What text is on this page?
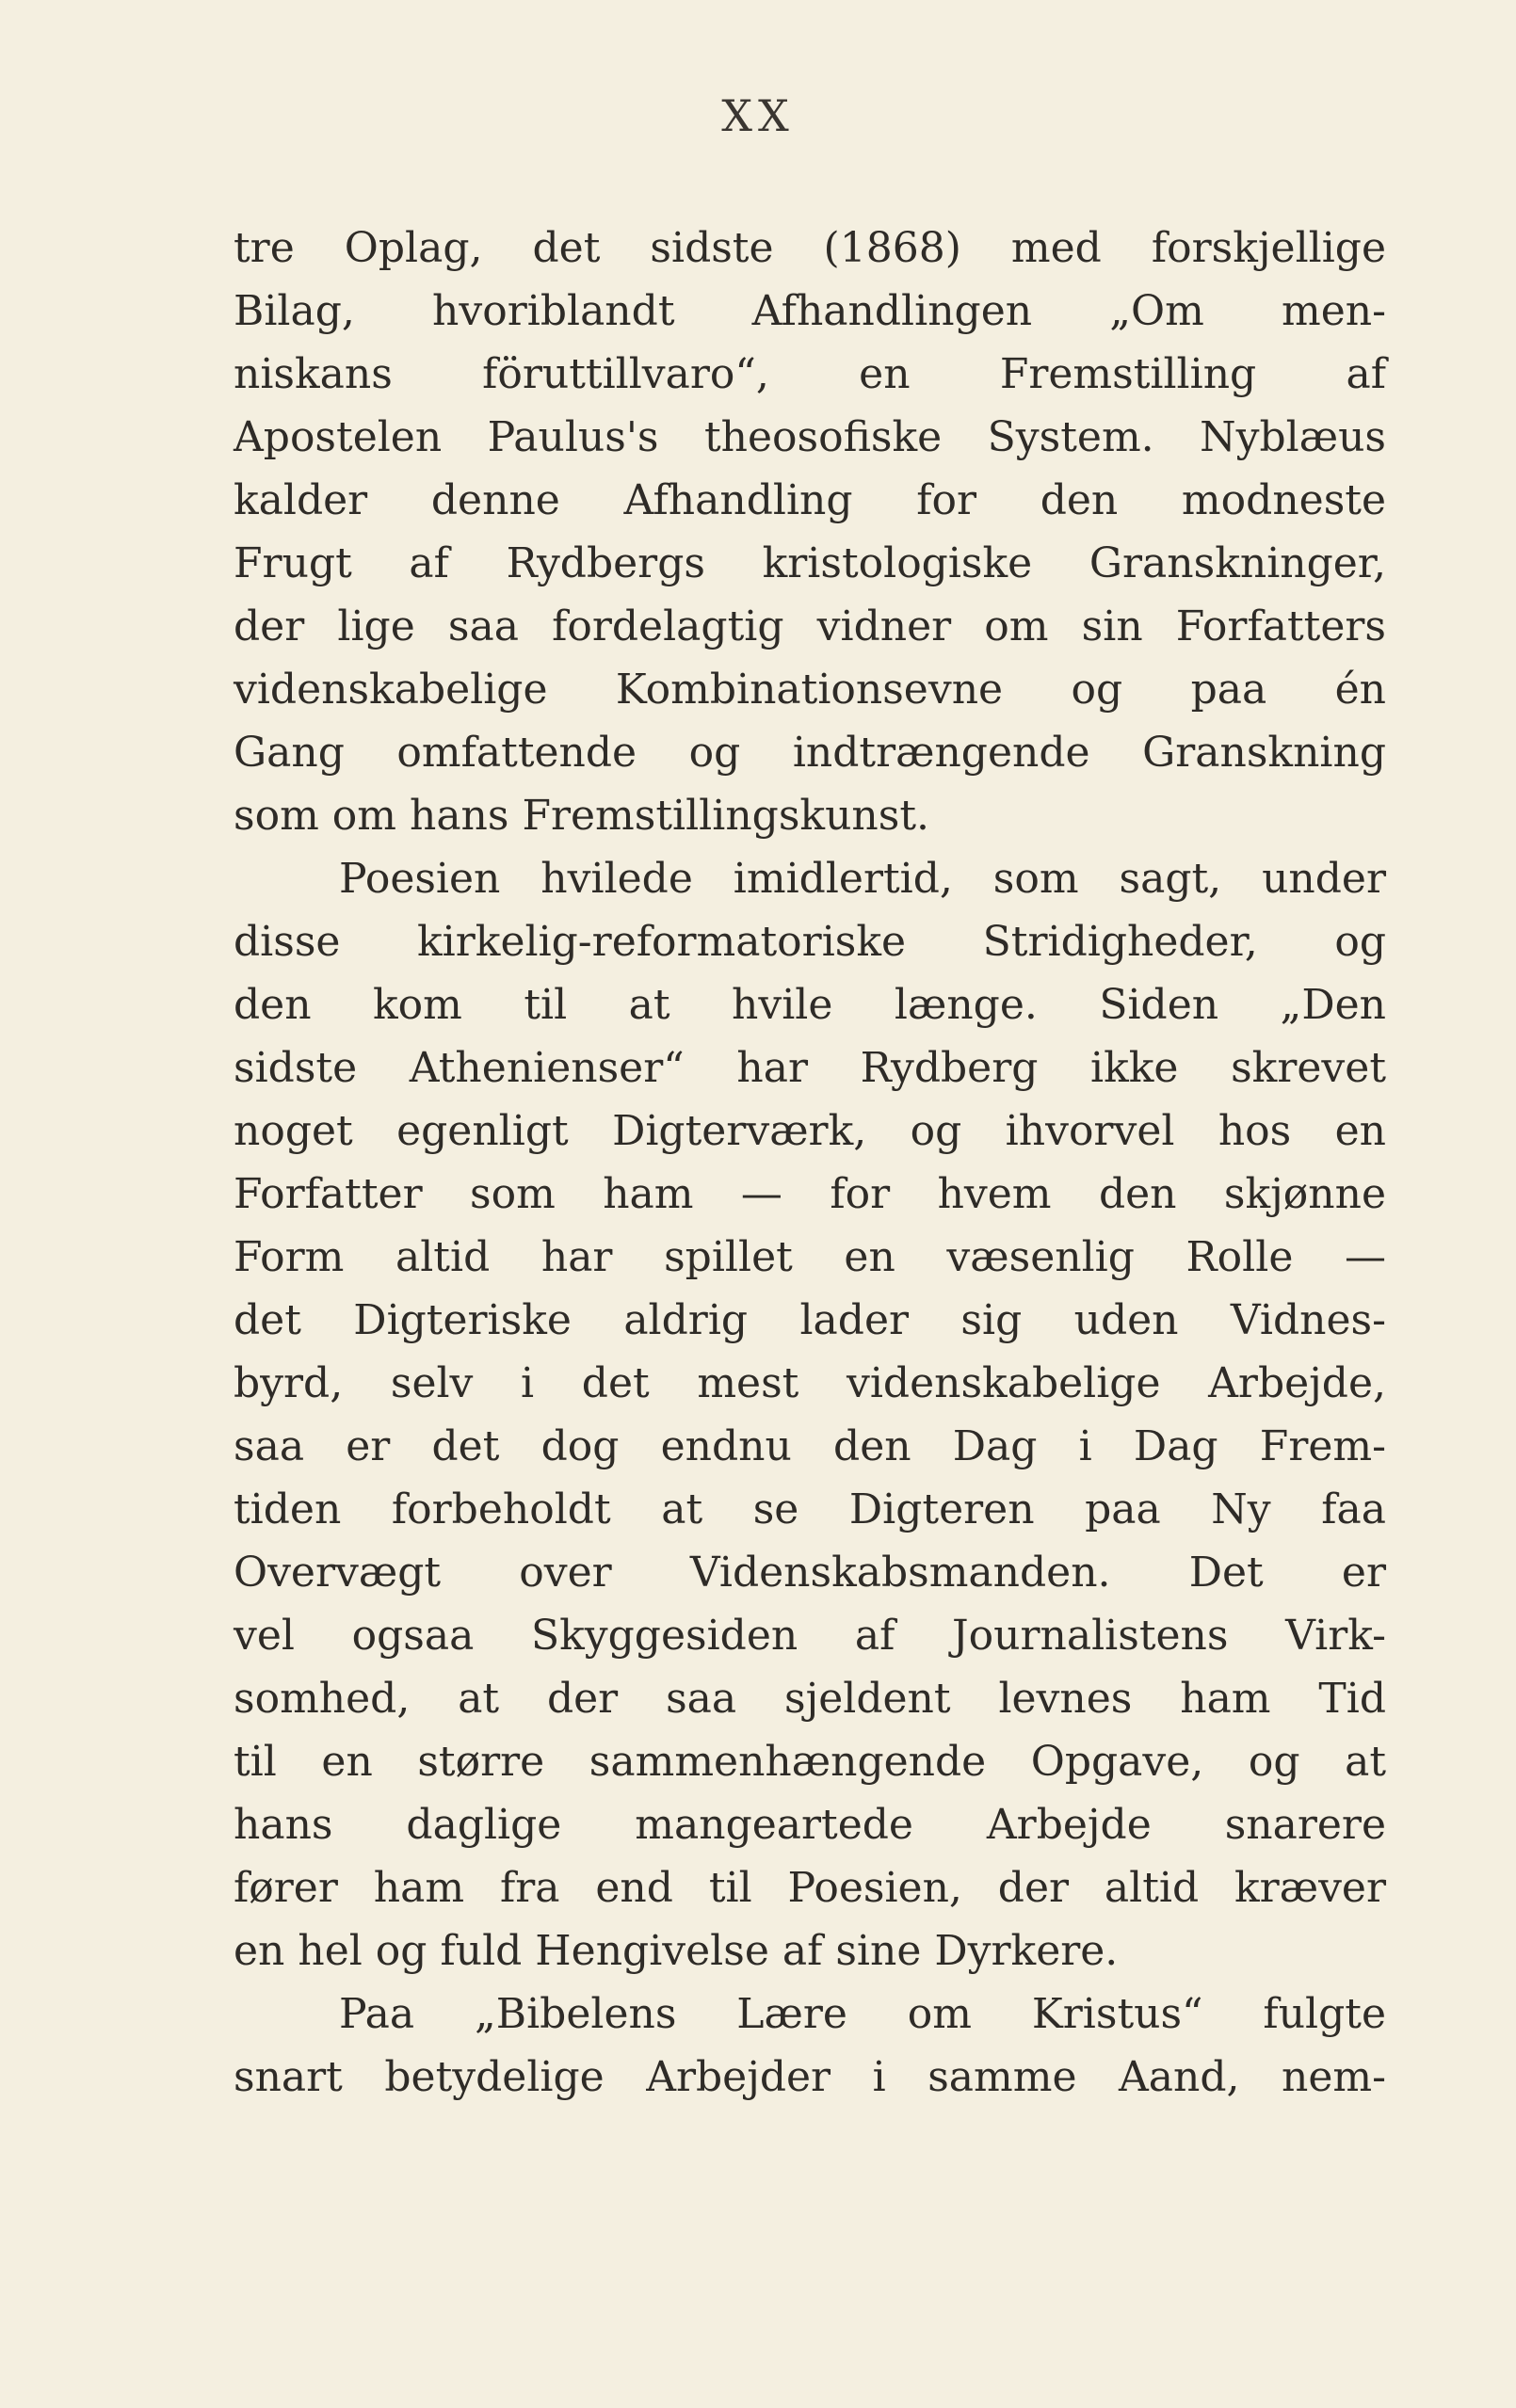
XX
tre Oplag, det sidste (1868) med forskjellige
Bilag, hvoriblandt Afhandlingen „Om men-
niskans föruttillvaro“, en Fremstilling af
Apostelen Paulus's theosofiske System. Nyblæus
kalder denne Afhandling for den modneste
Frugt af Rydbergs kristologiske Granskninger,
der lige saa fordelagtig vidner om sin Forfatters
videnskabelige Kombinationsevne og paa én
Gang omfattende og indtrængende Granskning
som om hans Fremstillingskunst.
Poesien hvilede imidlertid, som sagt, under
disse kirkelig-reformatoriske Stridigheder, og
den kom til at hvile længe. Siden „Den
sidste Athenienser“ har Rydberg ikke skrevet
noget egenligt Digterværk, og ihvorvel hos en
Forfatter som ham — for hvem den skjønne
Form altid har spillet en væsenlig Rolle —
det Digteriske aldrig lader sig uden Vidnes-
byrd, selv i det mest videnskabelige Arbejde,
saa er det dog endnu den Dag i Dag Frem-
tiden forbeholdt at se Digteren paa Ny faa
Overvægt over Videnskabsmanden. Det er
vel ogsaa Skyggesiden af Journalistens Virk-
somhed, at der saa sjeldent levnes ham Tid
til en større sammenhængende Opgave, og at
hans daglige mangeartede Arbejde snarere
fører ham fra end til Poesien, der altid kræver
en hel og fuld Hengivelse af sine Dyrkere.
Paa „Bibelens Lære om Kristus“ fulgte
snart betydelige Arbejder i samme Aand, nem-
